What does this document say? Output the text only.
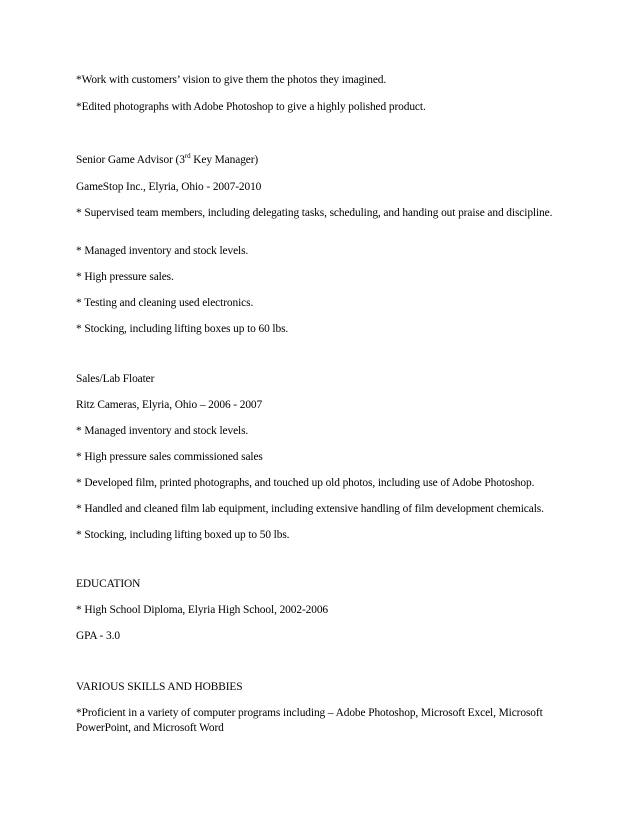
*Work with customers’ vision to give them the photos they imagined.
*Edited photographs with Adobe Photoshop to give a highly polished product.
Senior Game Advisor (3rd Key Manager)
GameStop Inc., Elyria, Ohio - 2007-2010
* Supervised team members, including delegating tasks, scheduling, and handing out praise and discipline.
* Managed inventory and stock levels.
* High pressure sales.
* Testing and cleaning used electronics.
* Stocking, including lifting boxes up to 60 lbs.
Sales/Lab Floater
Ritz Cameras, Elyria, Ohio – 2006 - 2007
* Managed inventory and stock levels.
* High pressure sales commissioned sales
* Developed film, printed photographs, and touched up old photos, including use of Adobe Photoshop.
* Handled and cleaned film lab equipment, including extensive handling of film development chemicals.
* Stocking, including lifting boxed up to 50 lbs.
EDUCATION
* High School Diploma, Elyria High School, 2002-2006
GPA - 3.0
VARIOUS SKILLS AND HOBBIES
*Proficient in a variety of computer programs including – Adobe Photoshop, Microsoft Excel, Microsoft PowerPoint, and Microsoft Word
